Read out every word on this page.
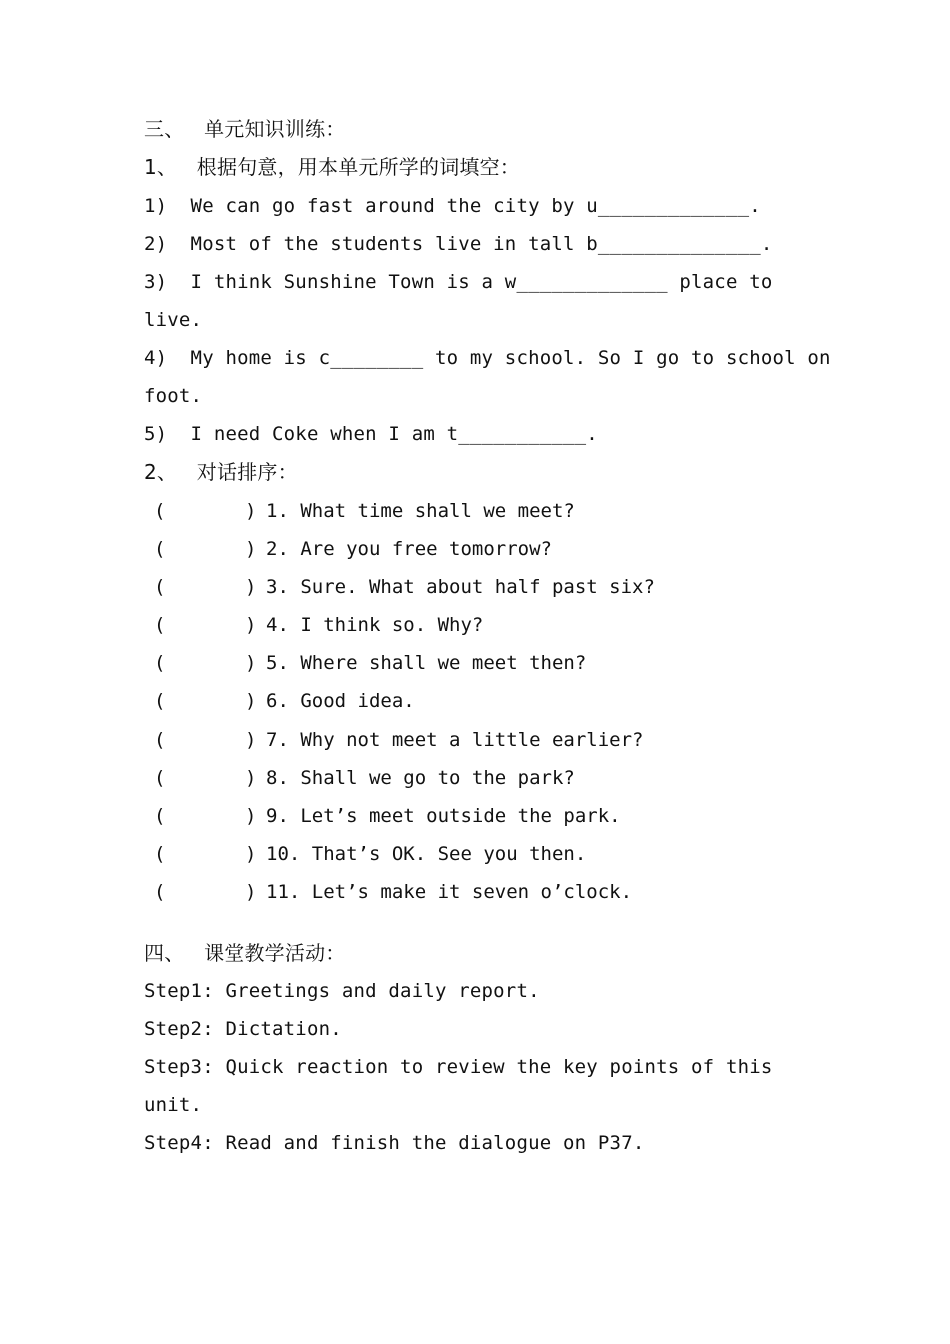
三、   单元知识训练：
1、   根据句意，用本单元所学的词填空：
1)  We can go fast around the city by u_____________.
2)  Most of the students live in tall b______________.
3)  I think Sunshine Town is a w_____________ place to
live.
4)  My home is c________ to my school. So I go to school on
foot.
5)  I need Coke when I am t___________.
2、   对话排序：
(	) 1. What time shall we meet?
(	) 2. Are you free tomorrow?
(	) 3. Sure. What about half past six?
(	) 4. I think so. Why?
(	) 5. Where shall we meet then?
(	) 6. Good idea.
(	) 7. Why not meet a little earlier?
(	) 8. Shall we go to the park?
(	) 9. Let’s meet outside the park.
(	) 10. That’s OK. See you then.
(	) 11. Let’s make it seven o’clock.
四、   课堂教学活动：
Step1: Greetings and daily report.
Step2: Dictation.
Step3: Quick reaction to review the key points of this
unit.
Step4: Read and finish the dialogue on P37.
